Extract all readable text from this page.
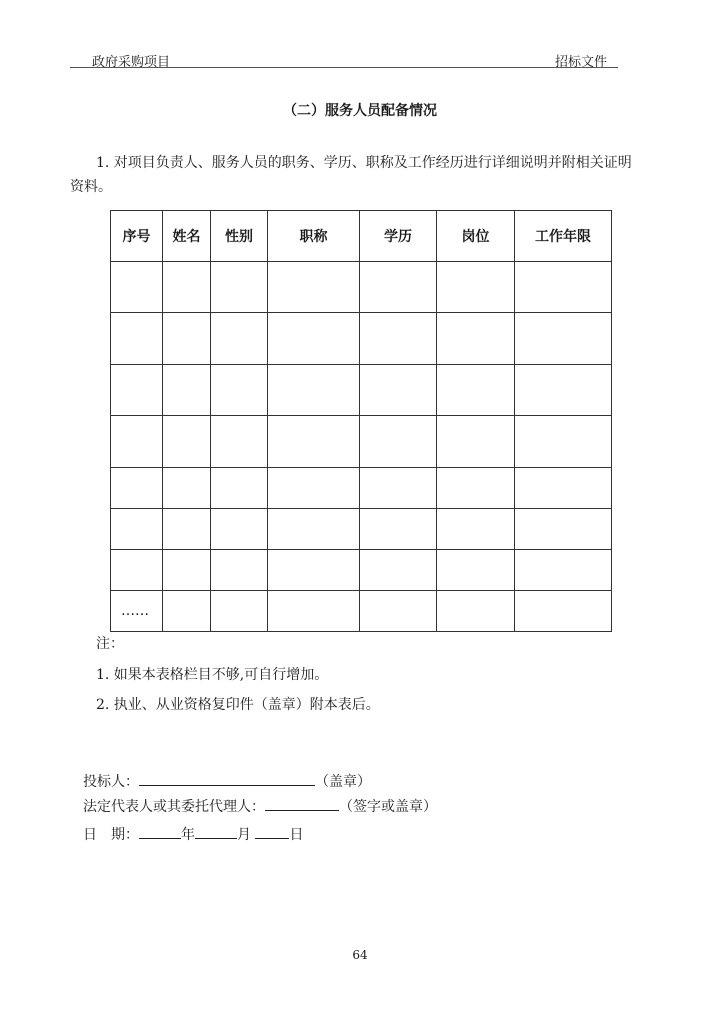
政府采购项目	招标文件
（二）服务人员配备情况
1. 对项目负责人、服务人员的职务、学历、职称及工作经历进行详细说明并附相关证明
资料。
序号	姓名	性别	职称	学历	岗位	工作年限

……						
注：
1. 如果本表格栏目不够,可自行增加。
2. 执业、从业资格复印件（盖章）附本表后。
投标人：	（盖章）
法定代表人或其委托代理人：	（签字或盖章）
日　期：	年	月	日
64
